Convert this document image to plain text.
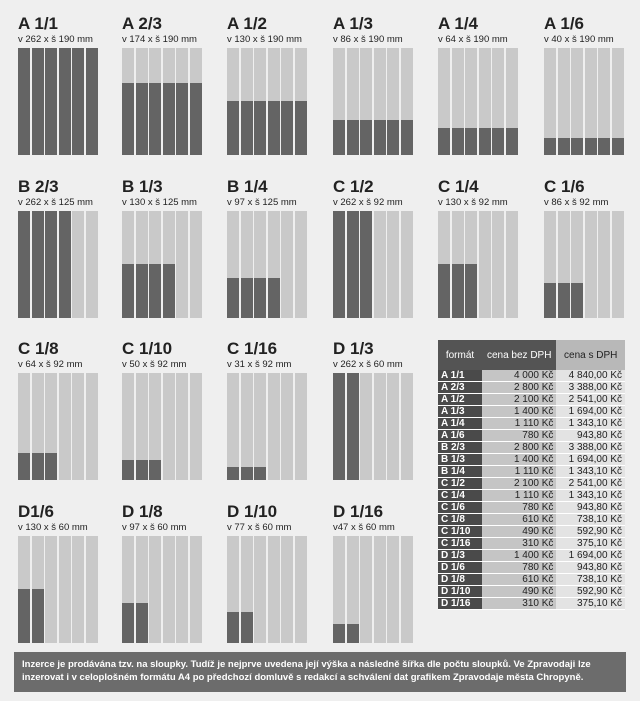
A 1/1
v 262 x š 190 mm
A 2/3
v 174 x š 190 mm
A 1/2
v 130 x š 190 mm
A 1/3
v 86 x š 190 mm
A 1/4
v 64 x š 190 mm
A 1/6
v 40 x š 190 mm
B 2/3
v 262 x š 125 mm
B 1/3
v 130 x š 125 mm
B 1/4
v 97 x š 125 mm
C 1/2
v 262 x š 92 mm
C 1/4
v 130 x š 92 mm
C 1/6
v 86 x š 92 mm
C 1/8
v 64 x š 92 mm
C 1/10
v 50 x š 92 mm
C 1/16
v 31 x š 92 mm
D 1/3
v 262 x š 60 mm
D1/6
v 130 x š 60 mm
D 1/8
v 97 x š 60 mm
D 1/10
v 77 x š 60 mm
D 1/16
v47 x š 60 mm
formát	cena bez DPH	cena s DPH
A 1/1	4 000 Kč	4 840,00 Kč
A 2/3	2 800 Kč	3 388,00 Kč
A 1/2	2 100 Kč	2 541,00 Kč
A 1/3	1 400 Kč	1 694,00 Kč
A 1/4	1 110 Kč	1 343,10 Kč
A 1/6	780 Kč	943,80 Kč
B 2/3	2 800 Kč	3 388,00 Kč
B 1/3	1 400 Kč	1 694,00 Kč
B 1/4	1 110 Kč	1 343,10 Kč
C 1/2	2 100 Kč	2 541,00 Kč
C 1/4	1 110 Kč	1 343,10 Kč
C 1/6	780 Kč	943,80 Kč
C 1/8	610 Kč	738,10 Kč
C 1/10	490 Kč	592,90 Kč
C 1/16	310 Kč	375,10 Kč
D 1/3	1 400 Kč	1 694,00 Kč
D 1/6	780 Kč	943,80 Kč
D 1/8	610 Kč	738,10 Kč
D 1/10	490 Kč	592,90 Kč
D 1/16	310 Kč	375,10 Kč
Inzerce je prodávána tzv. na sloupky. Tudíž je nejprve uvedena její výška a následně šířka dle počtu sloupků. Ve Zpravodaji lze inzerovat i v celoplošném formátu A4 po předchozí domluvě s redakcí a schválení dat grafikem Zpravodaje města Chropyně.
